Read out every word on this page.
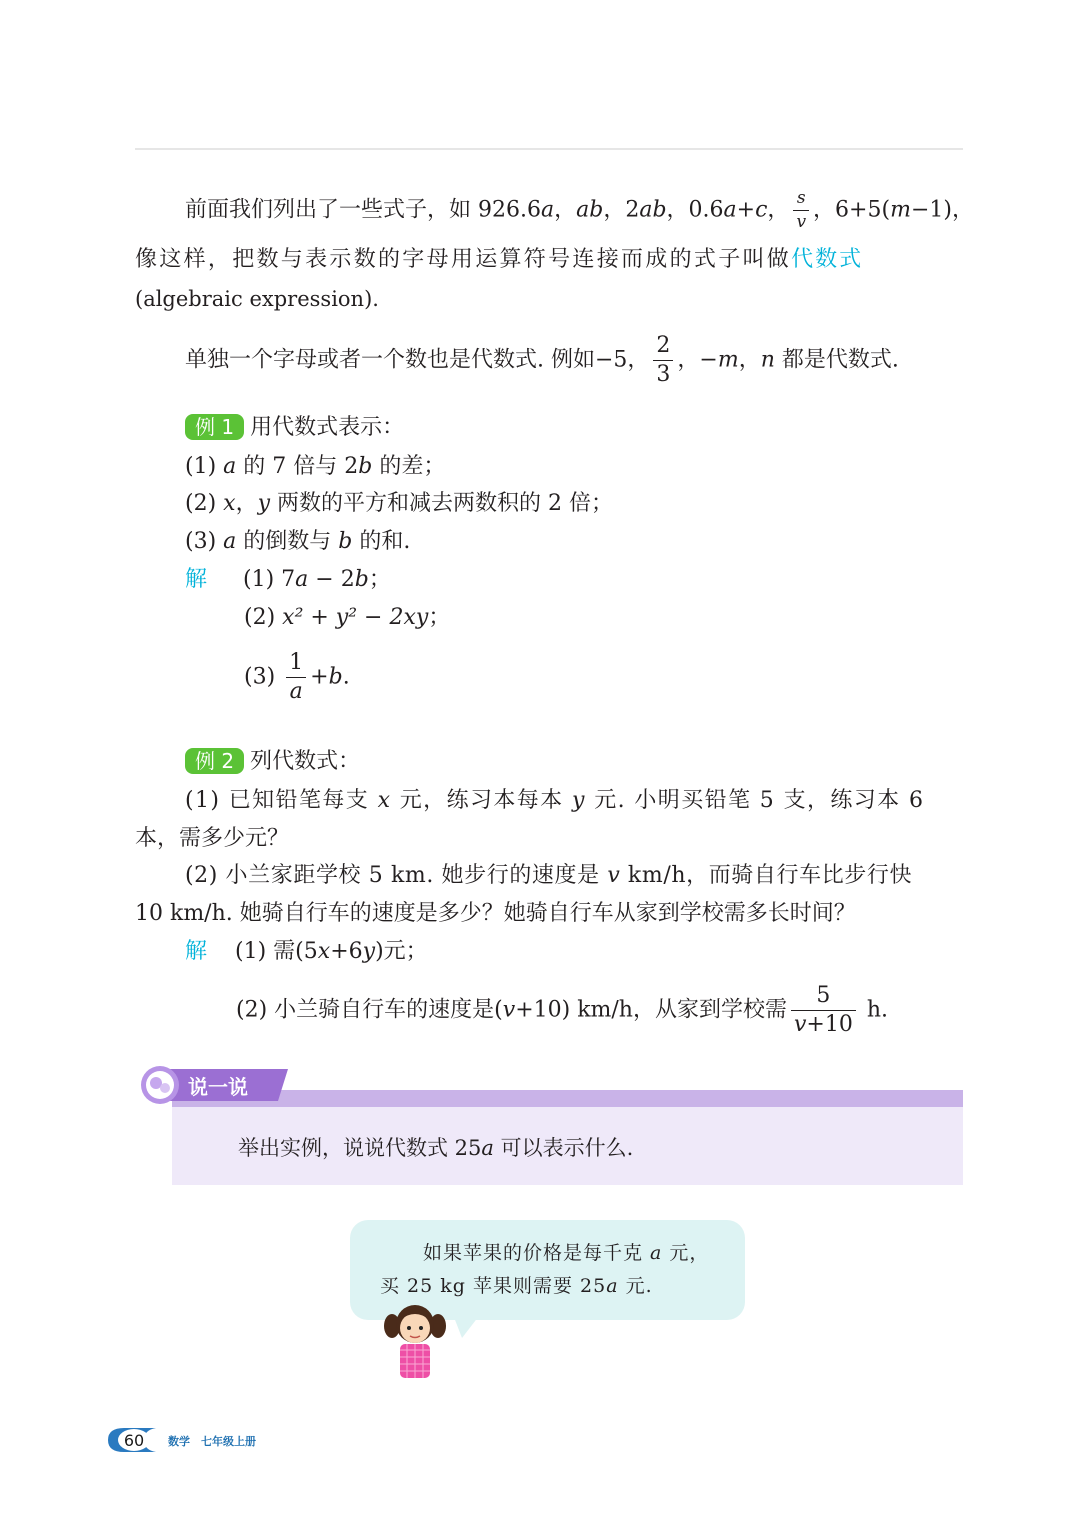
前面我们列出了一些式子，如 926.6a，ab，2ab，0.6a+c， $\frac{s}{v}$ ，6+5(m−1)，
像这样，把数与表示数的字母用运算符号连接而成的式子叫做代数式
(algebraic expression).
单独一个字母或者一个数也是代数式. 例如−5， $\frac{2}{3}$ ，−m，n 都是代数式.
例 1 用代数式表示：
(1) a 的 7 倍与 2b 的差；
(2) x，y 两数的平方和减去两数积的 2 倍；
(3) a 的倒数与 b 的和.
解 (1) 7a − 2b；
(2) x² + y² − 2xy；
$(3) \frac{1}{a} +b$.
例 2 列代数式：
(1) 已知铅笔每支 x 元，练习本每本 y 元. 小明买铅笔 5 支，练习本 6
本，需多少元？
(2) 小兰家距学校 5 km. 她步行的速度是 v km/h，而骑自行车比步行快
10 km/h. 她骑自行车的速度是多少？她骑自行车从家到学校需多长时间？
解 (1) 需(5x+6y)元；
(2) 小兰骑自行车的速度是(v+10) km/h，从家到学校需 $\frac{5}{v+10} h$.
说一说
举出实例，说说代数式 25a 可以表示什么.
如果苹果的价格是每千克 a 元，
买 25 kg 苹果则需要 25a 元.
60 数学　七年级上册
